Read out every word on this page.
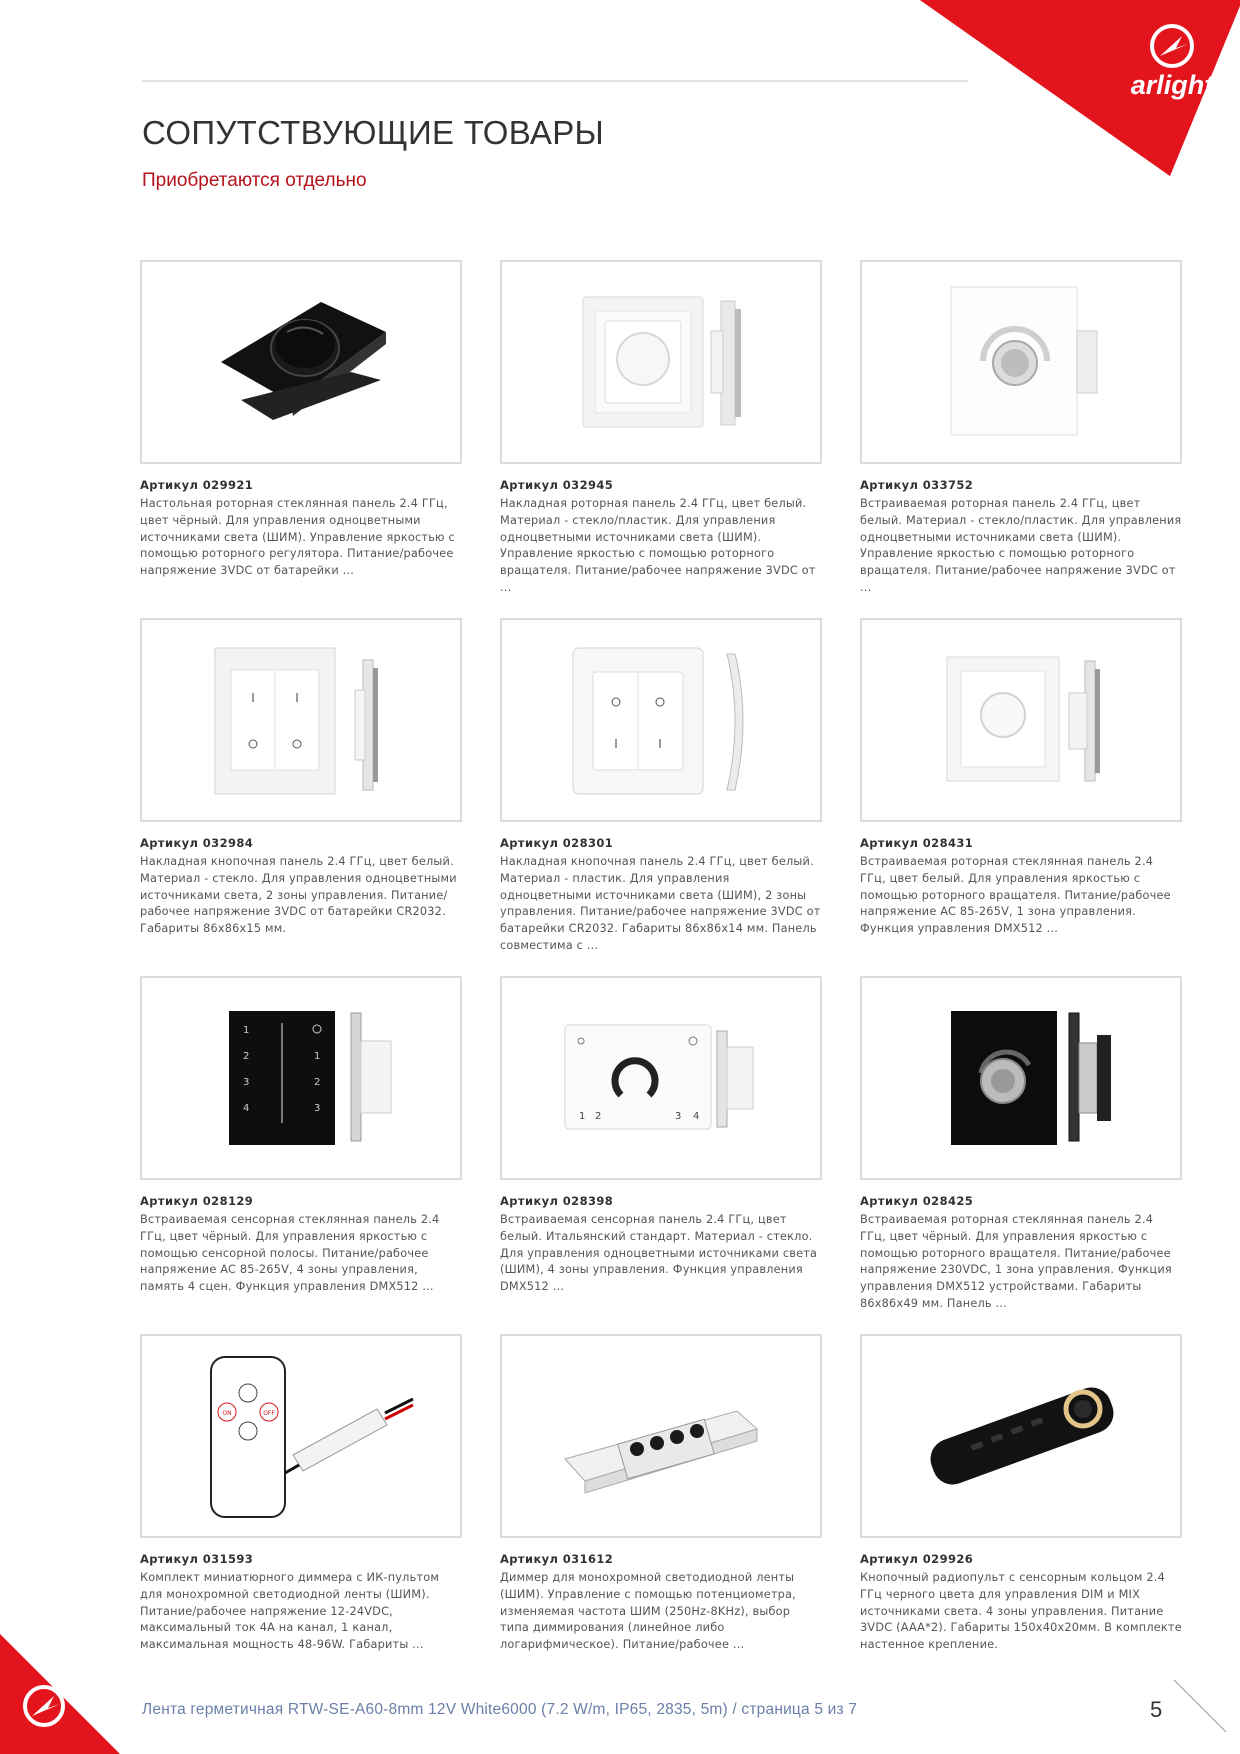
arlight
СОПУТСТВУЮЩИЕ ТОВАРЫ
Приобретаются отдельно
Артикул 029921
Настольная роторная стеклянная панель 2.4 ГГц, цвет чёрный. Для управления одноцветными источниками света (ШИМ). Управление яркостью с помощью роторного регулятора. Питание/рабочее напряжение 3VDC от батарейки ...
Артикул 032945
Накладная роторная панель 2.4 ГГц, цвет белый. Материал - стекло/пластик. Для управления одноцветными источниками света (ШИМ). Управление яркостью с помощью роторного вращателя. Питание/рабочее напряжение 3VDC от ...
Артикул 033752
Встраиваемая роторная панель 2.4 ГГц, цвет белый. Материал - стекло/пластик. Для управления одноцветными источниками света (ШИМ). Управление яркостью с помощью роторного вращателя. Питание/рабочее напряжение 3VDC от ...
I	I
Артикул 032984
Накладная кнопочная панель 2.4 ГГц, цвет белый. Материал - стекло. Для управления одноцветными источниками света, 2 зоны управления. Питание/рабочее напряжение 3VDC от батарейки CR2032. Габариты 86x86x15 мм.
I	I
Артикул 028301
Накладная кнопочная панель 2.4 ГГц, цвет белый. Материал - пластик. Для управления одноцветными источниками света (ШИМ), 2 зоны управления. Питание/рабочее напряжение 3VDC от батарейки CR2032. Габариты 86x86x14 мм. Панель совместима с ...
Артикул 028431
Встраиваемая роторная стеклянная панель 2.4 ГГц, цвет белый. Для управления яркостью с помощью роторного вращателя. Питание/рабочее напряжение AC 85-265V, 1 зона управления. Функция управления DMX512 ...
1
2
3
4
1
2
3
Артикул 028129
Встраиваемая сенсорная стеклянная панель 2.4 ГГц, цвет чёрный. Для управления яркостью с помощью сенсорной полосы. Питание/рабочее напряжение AC 85-265V, 4 зоны управления, память 4 сцен. Функция управления DMX512 ...
1 2	3 4
Артикул 028398
Встраиваемая сенсорная панель 2.4 ГГц, цвет белый. Итальянский стандарт. Материал - стекло. Для управления одноцветными источниками света (ШИМ), 4 зоны управления. Функция управления DMX512 ...
Артикул 028425
Встраиваемая роторная стеклянная панель 2.4 ГГц, цвет чёрный. Для управления яркостью с помощью роторного вращателя. Питание/рабочее напряжение 230VDC, 1 зона управления. Функция управления DMX512 устройствами. Габариты 86x86x49 мм. Панель ...
ON	OFF
Артикул 031593
Комплект миниатюрного диммера с ИК-пультом для монохромной светодиодной ленты (ШИМ). Питание/рабочее напряжение 12-24VDC, максимальный ток 4А на канал, 1 канал, максимальная мощность 48-96W. Габариты ...
Артикул 031612
Диммер для монохромной светодиодной ленты (ШИМ). Управление с помощью потенциометра, изменяемая частота ШИМ (250Hz-8KHz), выбор типа диммирования (линейное либо логарифмическое). Питание/рабочее ...
Артикул 029926
Кнопочный радиопульт с сенсорным кольцом 2.4 ГГц черного цвета для управления DIM и MIX источниками света. 4 зоны управления. Питание 3VDC (AAA*2). Габариты 150x40x20мм. В комплекте настенное крепление.
Лента герметичная RTW-SE-A60-8mm 12V White6000 (7.2 W/m, IP65, 2835, 5m) / страница 5 из 7	5
